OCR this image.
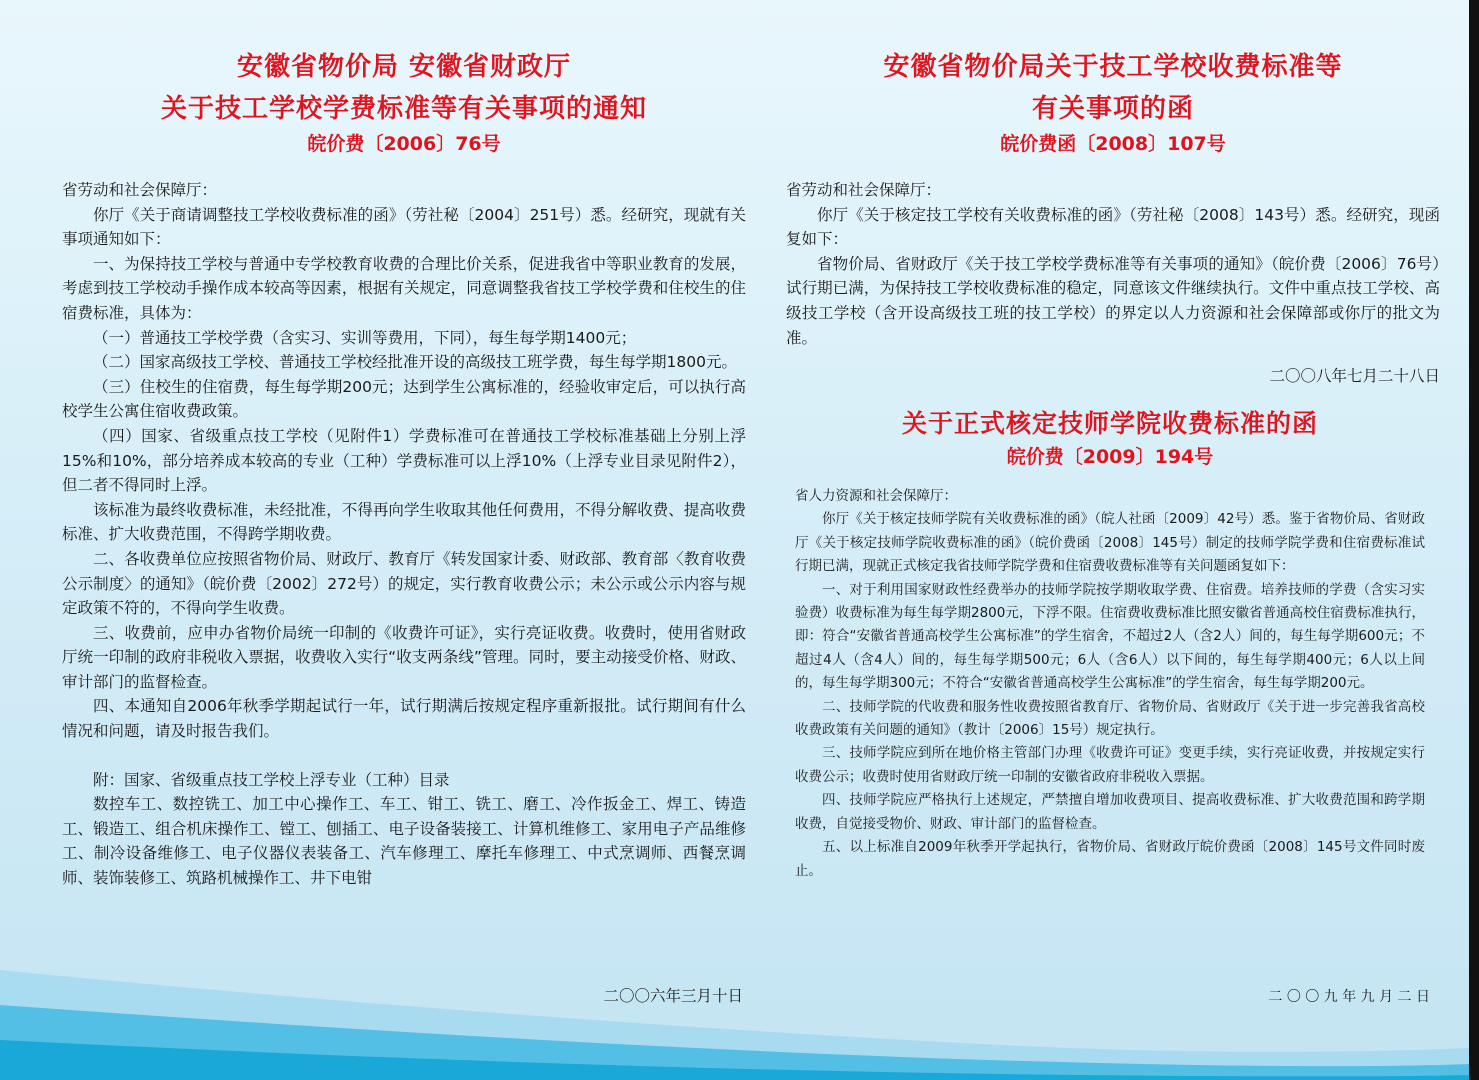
安徽省物价局 安徽省财政厅
关于技工学校学费标准等有关事项的通知

皖价费〔2006〕76号

省劳动和社会保障厅：

你厅《关于商请调整技工学校收费标准的函》（劳社秘〔2004〕251号）悉。经研究，现就有关事项通知如下：

一、为保持技工学校与普通中专学校教育收费的合理比价关系，促进我省中等职业教育的发展，考虑到技工学校动手操作成本较高等因素，根据有关规定，同意调整我省技工学校学费和住校生的住宿费标准，具体为：

（一）普通技工学校学费（含实习、实训等费用，下同），每生每学期1400元；

（二）国家高级技工学校、普通技工学校经批准开设的高级技工班学费，每生每学期1800元。

（三）住校生的住宿费，每生每学期200元；达到学生公寓标准的，经验收审定后，可以执行高校学生公寓住宿收费政策。

（四）国家、省级重点技工学校（见附件1）学费标准可在普通技工学校标准基础上分别上浮15%和10%，部分培养成本较高的专业（工种）学费标准可以上浮10%（上浮专业目录见附件2），但二者不得同时上浮。

该标准为最终收费标准，未经批准，不得再向学生收取其他任何费用，不得分解收费、提高收费标准、扩大收费范围，不得跨学期收费。

二、各收费单位应按照省物价局、财政厅、教育厅《转发国家计委、财政部、教育部〈教育收费公示制度〉的通知》（皖价费〔2002〕272号）的规定，实行教育收费公示；未公示或公示内容与规定政策不符的，不得向学生收费。

三、收费前，应申办省物价局统一印制的《收费许可证》，实行亮证收费。收费时，使用省财政厅统一印制的政府非税收入票据，收费收入实行“收支两条线”管理。同时，要主动接受价格、财政、审计部门的监督检查。

四、本通知自2006年秋季学期起试行一年，试行期满后按规定程序重新报批。试行期间有什么情况和问题，请及时报告我们。

附：国家、省级重点技工学校上浮专业（工种）目录

数控车工、数控铣工、加工中心操作工、车工、钳工、铣工、磨工、冷作扳金工、焊工、铸造工、锻造工、组合机床操作工、镗工、刨插工、电子设备装接工、计算机维修工、家用电子产品维修工、制冷设备维修工、电子仪器仪表装备工、汽车修理工、摩托车修理工、中式烹调师、西餐烹调师、装饰装修工、筑路机械操作工、井下电钳

二〇〇六年三月十日

安徽省物价局关于技工学校收费标准等
有关事项的函

皖价费函〔2008〕107号

省劳动和社会保障厅：

你厅《关于核定技工学校有关收费标准的函》（劳社秘〔2008〕143号）悉。经研究，现函复如下：

省物价局、省财政厅《关于技工学校学费标准等有关事项的通知》（皖价费〔2006〕76号）试行期已满，为保持技工学校收费标准的稳定，同意该文件继续执行。文件中重点技工学校、高级技工学校（含开设高级技工班的技工学校）的界定以人力资源和社会保障部或你厅的批文为准。

二〇〇八年七月二十八日

关于正式核定技师学院收费标准的函

皖价费〔2009〕194号

省人力资源和社会保障厅：

你厅《关于核定技师学院有关收费标准的函》（皖人社函〔2009〕42号）悉。鉴于省物价局、省财政厅《关于核定技师学院收费标准的函》（皖价费函〔2008〕145号）制定的技师学院学费和住宿费标准试行期已满，现就正式核定我省技师学院学费和住宿费收费标准等有关问题函复如下：

一、对于利用国家财政性经费举办的技师学院按学期收取学费、住宿费。培养技师的学费（含实习实验费）收费标准为每生每学期2800元，下浮不限。住宿费收费标准比照安徽省普通高校住宿费标准执行，即：符合“安徽省普通高校学生公寓标准”的学生宿舍，不超过2人（含2人）间的，每生每学期600元；不超过4人（含4人）间的，每生每学期500元；6人（含6人）以下间的，每生每学期400元；6人以上间的，每生每学期300元；不符合“安徽省普通高校学生公寓标准”的学生宿舍，每生每学期200元。

二、技师学院的代收费和服务性收费按照省教育厅、省物价局、省财政厅《关于进一步完善我省高校收费政策有关问题的通知》（教计〔2006〕15号）规定执行。

三、技师学院应到所在地价格主管部门办理《收费许可证》变更手续，实行亮证收费，并按规定实行收费公示；收费时使用省财政厅统一印制的安徽省政府非税收入票据。

四、技师学院应严格执行上述规定，严禁擅自增加收费项目、提高收费标准、扩大收费范围和跨学期收费，自觉接受物价、财政、审计部门的监督检查。

五、以上标准自2009年秋季开学起执行，省物价局、省财政厅皖价费函〔2008〕145号文件同时废止。

二 〇 〇 九 年 九 月 二 日
